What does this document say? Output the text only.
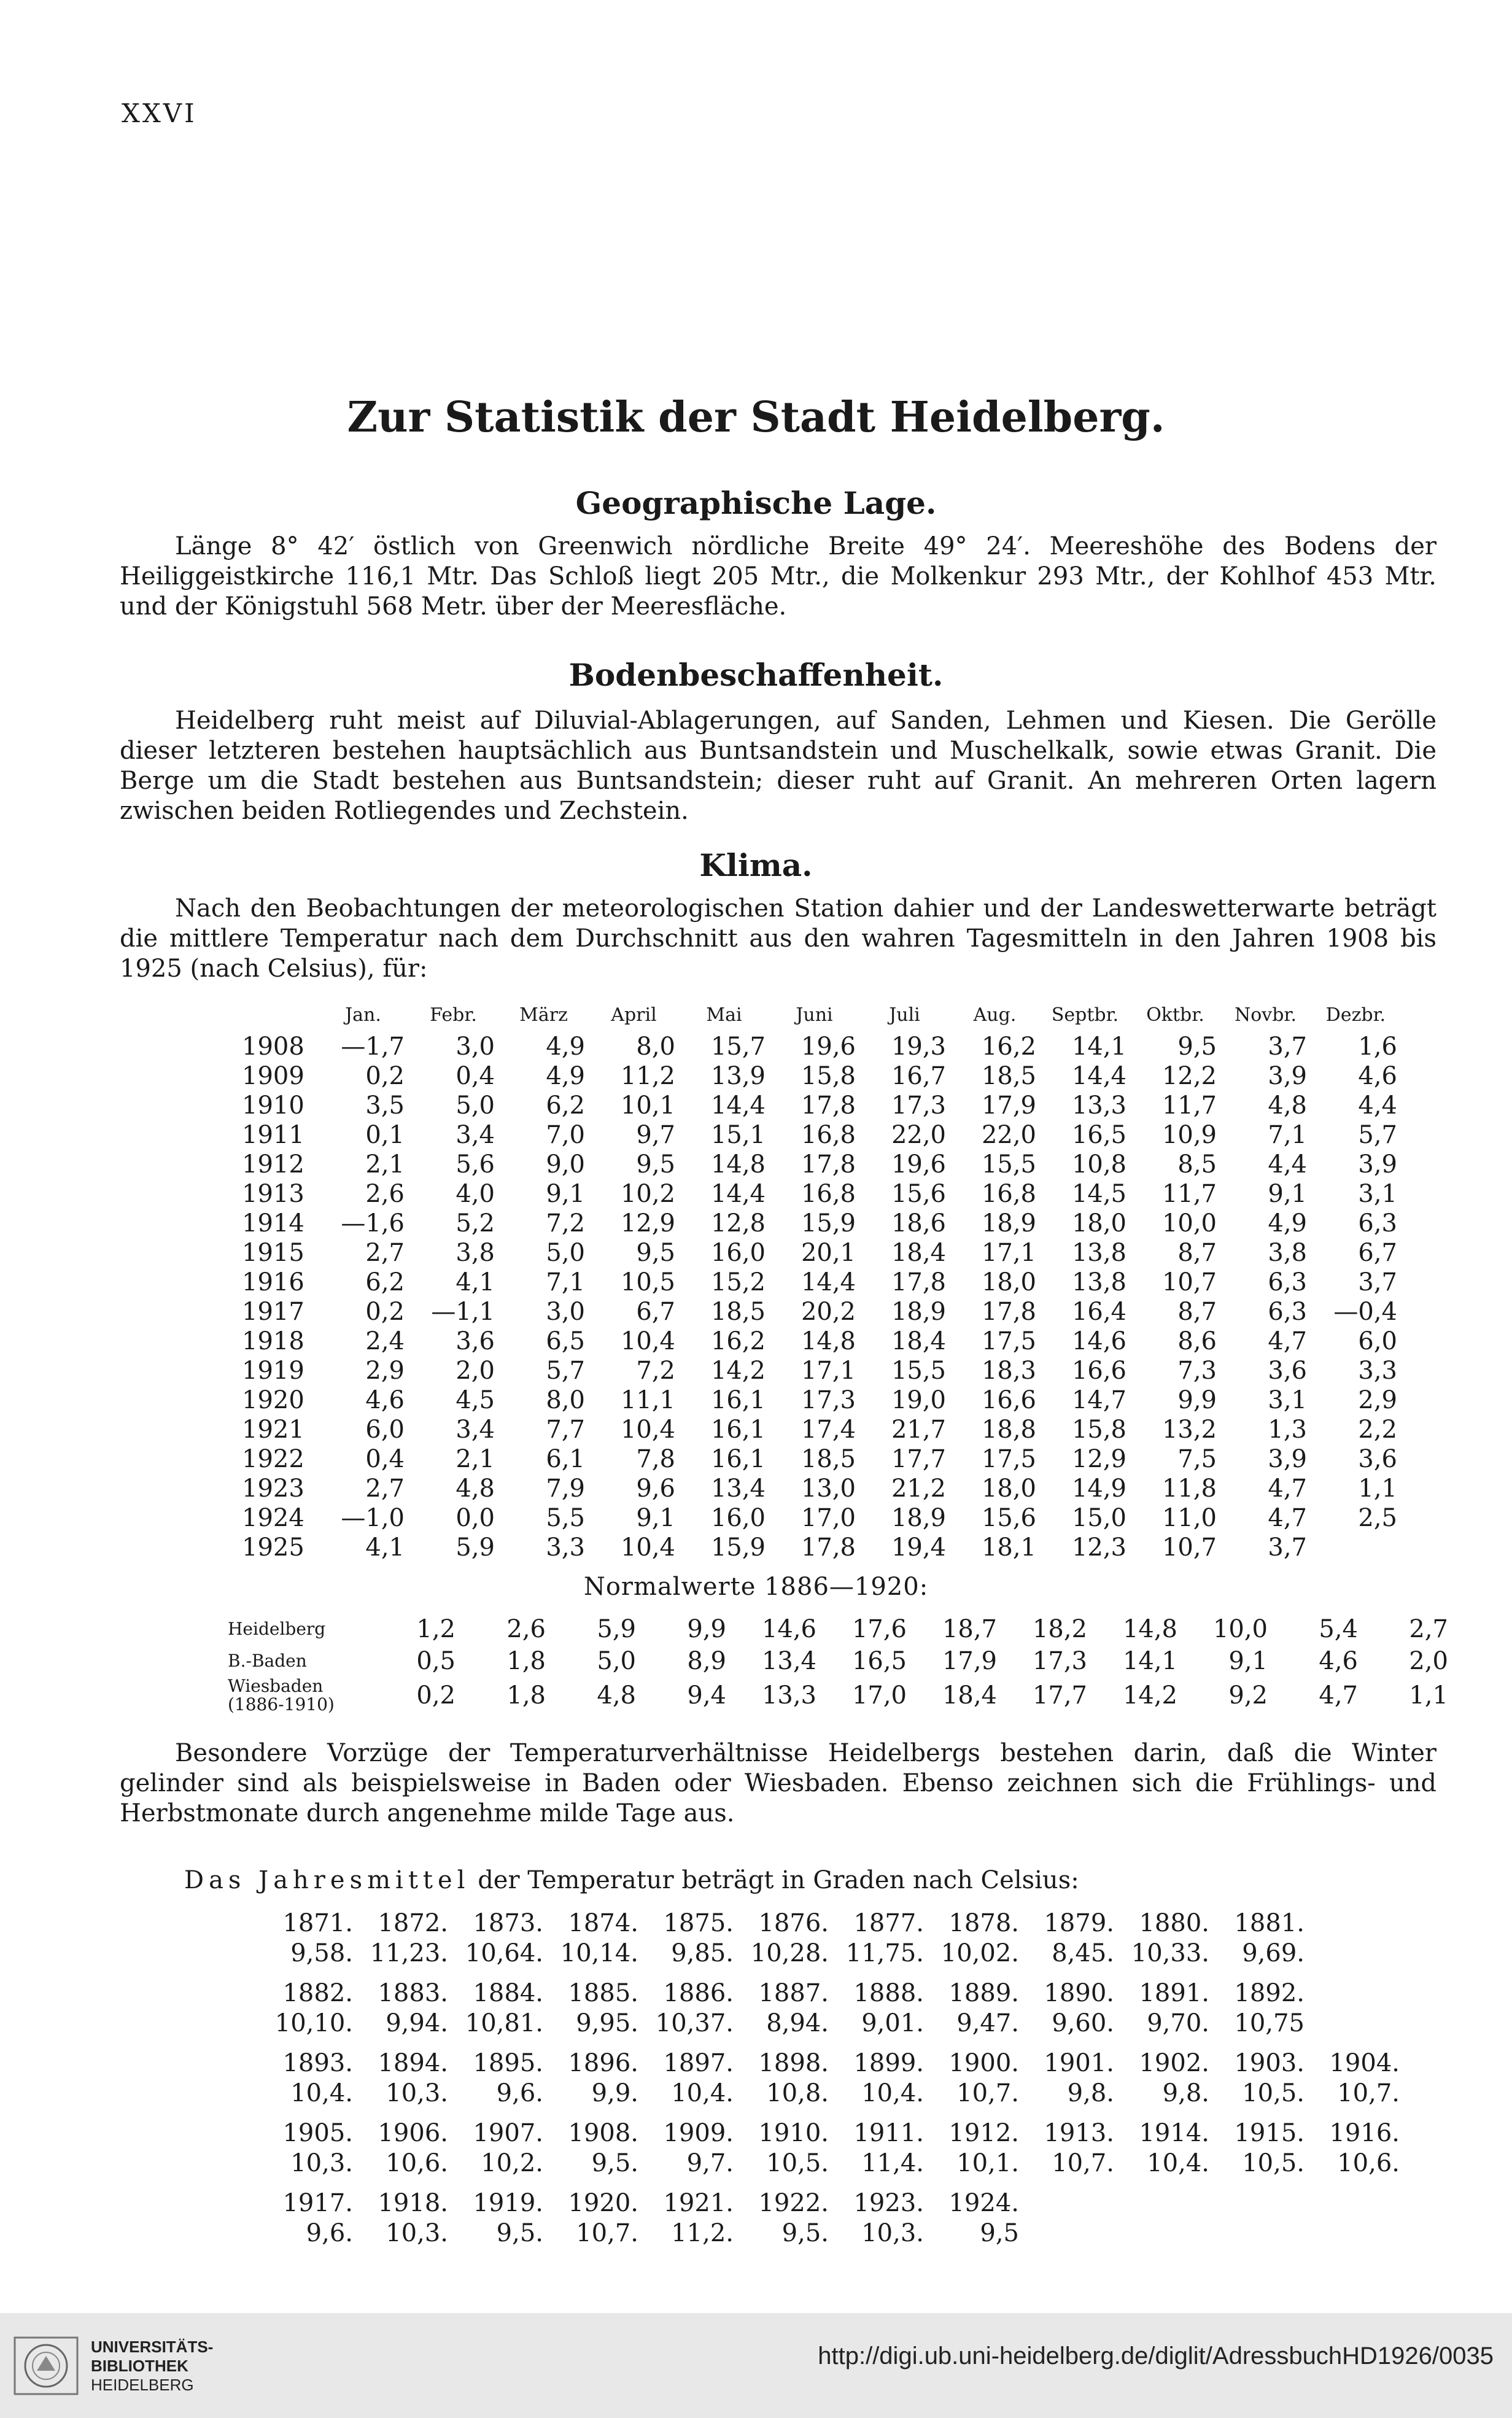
XXVI
Zur Statistik der Stadt Heidelberg.
Geographische Lage.

Länge 8° 42′ östlich von Greenwich nördliche Breite 49° 24′. Meereshöhe des Bodens der Heiliggeistkirche 116,1 Mtr. Das Schloß liegt 205 Mtr., die Molkenkur 293 Mtr., der Kohlhof 453 Mtr. und der Königstuhl 568 Metr. über der Meeresfläche.

Bodenbeschaffenheit.

Heidelberg ruht meist auf Diluvial-Ablagerungen, auf Sanden, Lehmen und Kiesen. Die Gerölle dieser letzteren bestehen hauptsächlich aus Buntsandstein und Muschelkalk, sowie etwas Granit. Die Berge um die Stadt bestehen aus Buntsandstein; dieser ruht auf Granit. An mehreren Orten lagern zwischen beiden Rotliegendes und Zechstein.

Klima.

Nach den Beobachtungen der meteorologischen Station dahier und der Landeswetterwarte beträgt die mittlere Temperatur nach dem Durchschnitt aus den wahren Tagesmitteln in den Jahren 1908 bis 1925 (nach Celsius), für:

	Jan.	Febr.	März	April	Mai	Juni	Juli	Aug.	Septbr.	Oktbr.	Novbr.	Dezbr.
1908	—1,7	3,0	4,9	8,0	15,7	19,6	19,3	16,2	14,1	9,5	3,7	1,6
1909	0,2	0,4	4,9	11,2	13,9	15,8	16,7	18,5	14,4	12,2	3,9	4,6
1910	3,5	5,0	6,2	10,1	14,4	17,8	17,3	17,9	13,3	11,7	4,8	4,4
1911	0,1	3,4	7,0	9,7	15,1	16,8	22,0	22,0	16,5	10,9	7,1	5,7
1912	2,1	5,6	9,0	9,5	14,8	17,8	19,6	15,5	10,8	8,5	4,4	3,9
1913	2,6	4,0	9,1	10,2	14,4	16,8	15,6	16,8	14,5	11,7	9,1	3,1
1914	—1,6	5,2	7,2	12,9	12,8	15,9	18,6	18,9	18,0	10,0	4,9	6,3
1915	2,7	3,8	5,0	9,5	16,0	20,1	18,4	17,1	13,8	8,7	3,8	6,7
1916	6,2	4,1	7,1	10,5	15,2	14,4	17,8	18,0	13,8	10,7	6,3	3,7
1917	0,2	—1,1	3,0	6,7	18,5	20,2	18,9	17,8	16,4	8,7	6,3	—0,4
1918	2,4	3,6	6,5	10,4	16,2	14,8	18,4	17,5	14,6	8,6	4,7	6,0
1919	2,9	2,0	5,7	7,2	14,2	17,1	15,5	18,3	16,6	7,3	3,6	3,3
1920	4,6	4,5	8,0	11,1	16,1	17,3	19,0	16,6	14,7	9,9	3,1	2,9
1921	6,0	3,4	7,7	10,4	16,1	17,4	21,7	18,8	15,8	13,2	1,3	2,2
1922	0,4	2,1	6,1	7,8	16,1	18,5	17,7	17,5	12,9	7,5	3,9	3,6
1923	2,7	4,8	7,9	9,6	13,4	13,0	21,2	18,0	14,9	11,8	4,7	1,1
1924	—1,0	0,0	5,5	9,1	16,0	17,0	18,9	15,6	15,0	11,0	4,7	2,5
1925	4,1	5,9	3,3	10,4	15,9	17,8	19,4	18,1	12,3	10,7	3,7	
Normalwerte 1886—1920:
Heidelberg	1,2	2,6	5,9	9,9	14,6	17,6	18,7	18,2	14,8	10,0	5,4	2,7

B.-Baden	0,5	1,8	5,0	8,9	13,4	16,5	17,9	17,3	14,1	9,1	4,6	2,0

Wiesbaden
(1886-1910)	0,2	1,8	4,8	9,4	13,3	17,0	18,4	17,7	14,2	9,2	4,7	1,1

Besondere Vorzüge der Temperaturverhältnisse Heidelbergs bestehen darin, daß die Winter gelinder sind als beispielsweise in Baden oder Wiesbaden. Ebenso zeichnen sich die Frühlings- und Herbstmonate durch angenehme milde Tage aus.

Das Jahresmittel der Temperatur beträgt in Graden nach Celsius:
1871.	1872.	1873.	1874.	1875.	1876.	1877.	1878.	1879.	1880.	1881.	
9,58.	11,23.	10,64.	10,14.	9,85.	10,28.	11,75.	10,02.	8,45.	10,33.	9,69.	

1882.	1883.	1884.	1885.	1886.	1887.	1888.	1889.	1890.	1891.	1892.	
10,10.	9,94.	10,81.	9,95.	10,37.	8,94.	9,01.	9,47.	9,60.	9,70.	10,75	

1893.	1894.	1895.	1896.	1897.	1898.	1899.	1900.	1901.	1902.	1903.	1904.
10,4.	10,3.	9,6.	9,9.	10,4.	10,8.	10,4.	10,7.	9,8.	9,8.	10,5.	10,7.

1905.	1906.	1907.	1908.	1909.	1910.	1911.	1912.	1913.	1914.	1915.	1916.
10,3.	10,6.	10,2.	9,5.	9,7.	10,5.	11,4.	10,1.	10,7.	10,4.	10,5.	10,6.

1917.	1918.	1919.	1920.	1921.	1922.	1923.	1924.				
9,6.	10,3.	9,5.	10,7.	11,2.	9,5.	10,3.	9,5				
UNIVERSITÄTS-
BIBLIOTHEK
HEIDELBERG
http://digi.ub.uni-heidelberg.de/diglit/AdressbuchHD1926/0035
